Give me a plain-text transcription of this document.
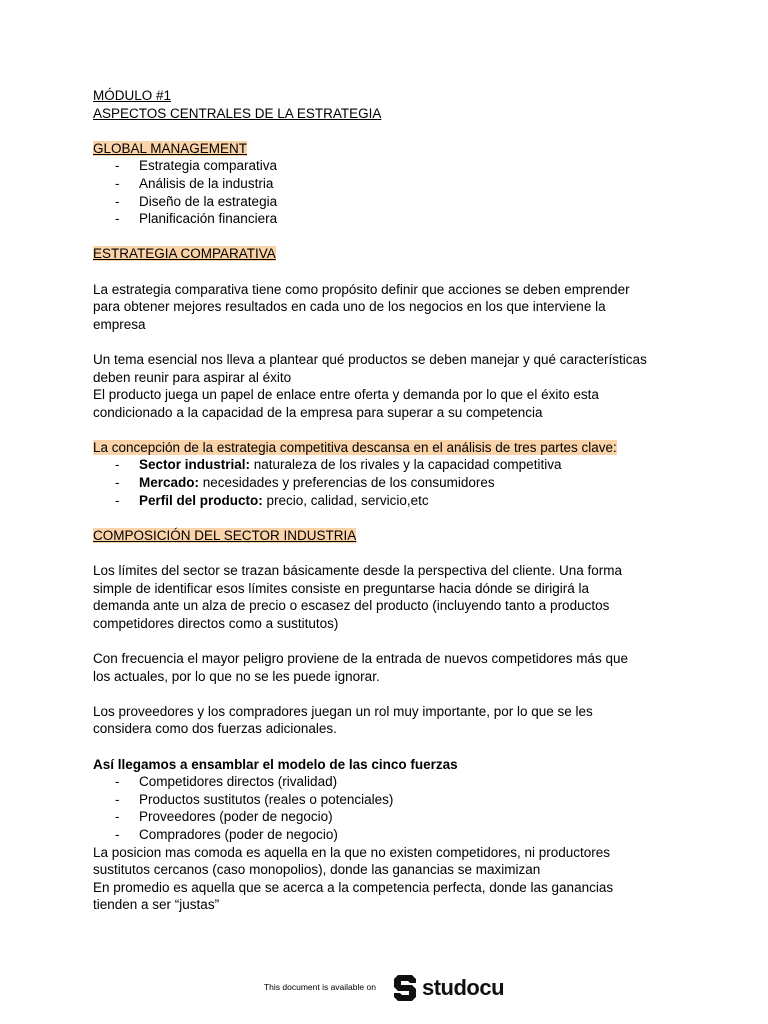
MÓDULO #1
ASPECTOS CENTRALES DE LA ESTRATEGIA
GLOBAL MANAGEMENT
- Estrategia comparativa
- Análisis de la industria
- Diseño de la estrategia
- Planificación financiera
ESTRATEGIA COMPARATIVA
La estrategia comparativa tiene como propósito definir que acciones se deben emprender
para obtener mejores resultados en cada uno de los negocios en los que interviene la
empresa
Un tema esencial nos lleva a plantear qué productos se deben manejar y qué características
deben reunir para aspirar al éxito
El producto juega un papel de enlace entre oferta y demanda por lo que el éxito esta
condicionado a la capacidad de la empresa para superar a su competencia
La concepción de la estrategia competitiva descansa en el análisis de tres partes clave:
- Sector industrial: naturaleza de los rivales y la capacidad competitiva
- Mercado: necesidades y preferencias de los consumidores
- Perfil del producto: precio, calidad, servicio,etc
COMPOSICIÓN DEL SECTOR INDUSTRIA
Los límites del sector se trazan básicamente desde la perspectiva del cliente. Una forma
simple de identificar esos límites consiste en preguntarse hacia dónde se dirigirá la
demanda ante un alza de precio o escasez del producto (incluyendo tanto a productos
competidores directos como a sustitutos)
Con frecuencia el mayor peligro proviene de la entrada de nuevos competidores más que
los actuales, por lo que no se les puede ignorar.
Los proveedores y los compradores juegan un rol muy importante, por lo que se les
considera como dos fuerzas adicionales.
Así llegamos a ensamblar el modelo de las cinco fuerzas
- Competidores directos (rivalidad)
- Productos sustitutos (reales o potenciales)
- Proveedores (poder de negocio)
- Compradores (poder de negocio)
La posicion mas comoda es aquella en la que no existen competidores, ni productores
sustitutos cercanos (caso monopolios), donde las ganancias se maximizan
En promedio es aquella que se acerca a la competencia perfecta, donde las ganancias
tienden a ser “justas”
This document is available on studocu
